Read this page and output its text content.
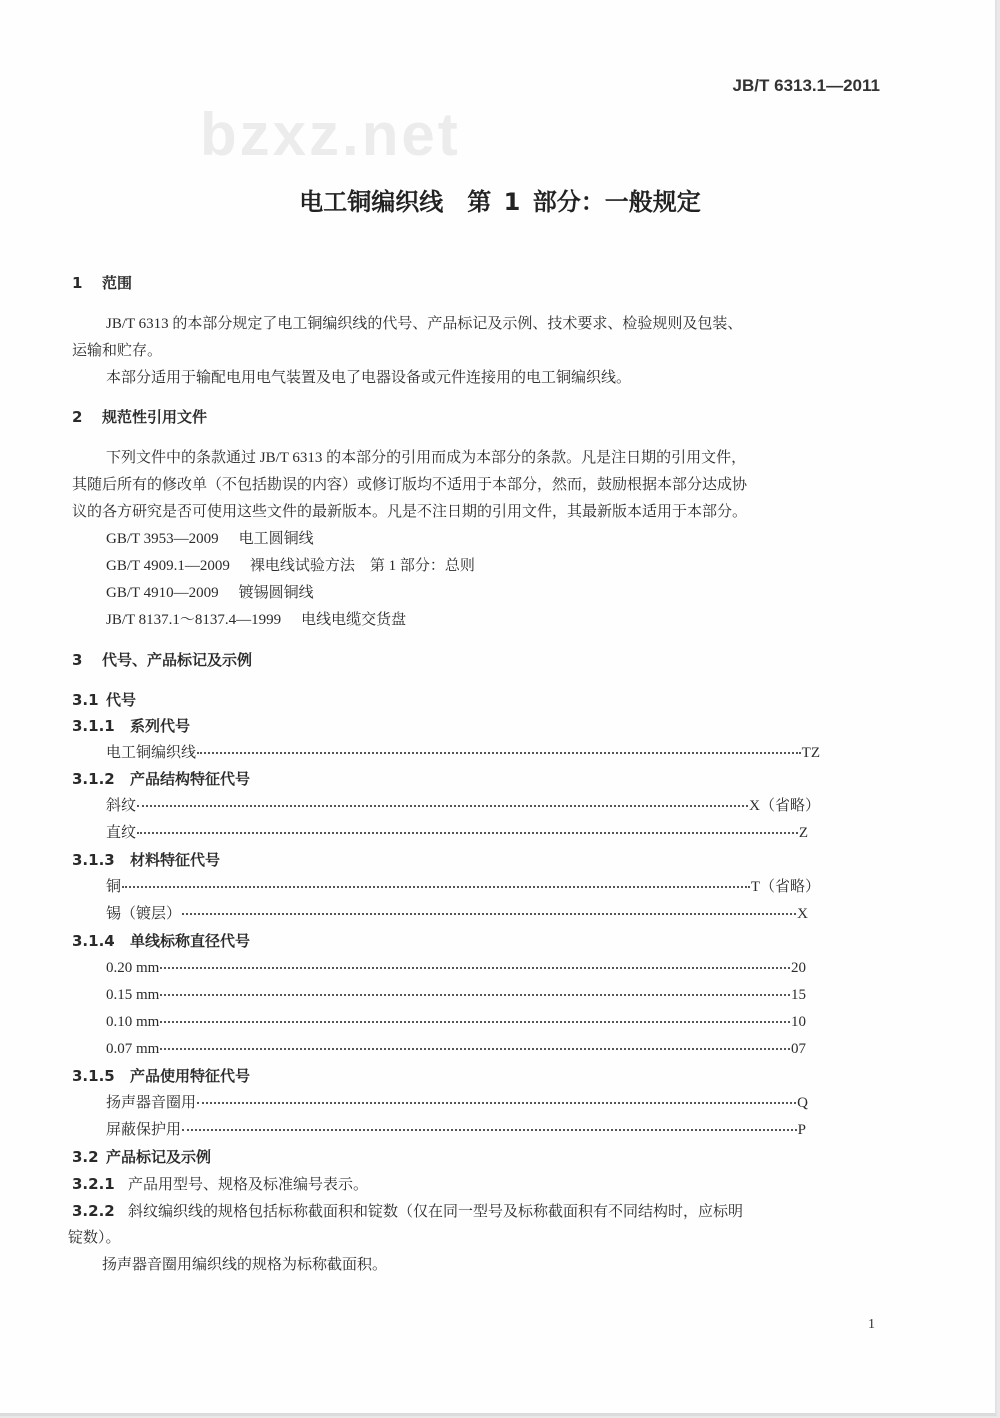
JB/T 6313.1—2011
bzxz.net
电工铜编织线　第 1 部分：一般规定
1 范围
JB/T 6313 的本部分规定了电工铜编织线的代号、产品标记及示例、技术要求、检验规则及包装、
运输和贮存。
本部分适用于输配电用电气装置及电了电器设备或元件连接用的电工铜编织线。
2 规范性引用文件
下列文件中的条款通过 JB/T 6313 的本部分的引用而成为本部分的条款。凡是注日期的引用文件，
其随后所有的修改单（不包括勘误的内容）或修订版均不适用于本部分，然而，鼓励根据本部分达成协
议的各方研究是否可使用这些文件的最新版本。凡是不注日期的引用文件，其最新版本适用于本部分。
GB/T 3953—2009 电工圆铜线
GB/T 4909.1—2009 裸电线试验方法　第 1 部分：总则
GB/T 4910—2009 镀锡圆铜线
JB/T 8137.1～8137.4—1999 电线电缆交货盘
3 代号、产品标记及示例
3.1 代号
3.1.1 系列代号
电工铜编织线	TZ
3.1.2 产品结构特征代号
斜纹	X（省略）
直纹	Z
3.1.3 材料特征代号
铜	T（省略）
锡（镀层）	X
3.1.4 单线标称直径代号
0.20 mm	20
0.15 mm	15
0.10 mm	10
0.07 mm	07
3.1.5 产品使用特征代号
扬声器音圈用	Q
屏蔽保护用	P
3.2 产品标记及示例
3.2.1 产品用型号、规格及标准编号表示。
3.2.2 斜纹编织线的规格包括标称截面积和锭数（仅在同一型号及标称截面积有不同结构时，应标明
锭数）。
扬声器音圈用编织线的规格为标称截面积。
1
